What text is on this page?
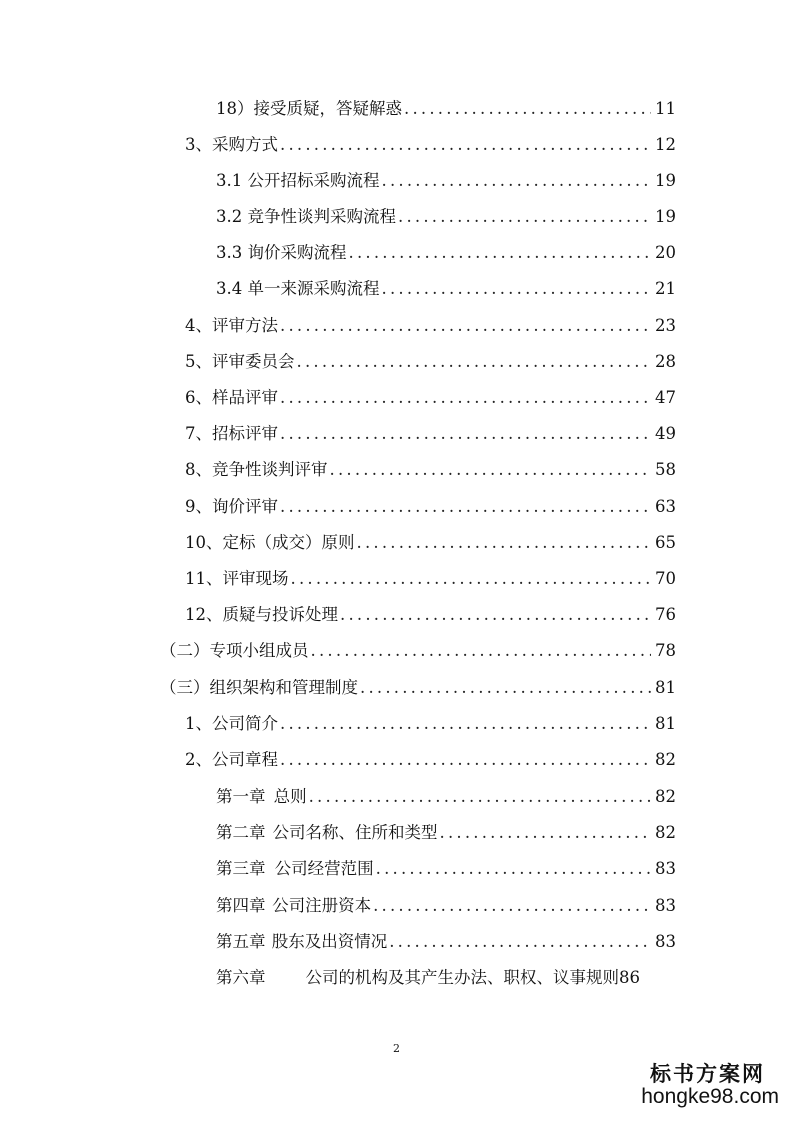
18）接受质疑，答疑解惑 .....	11
3、采购方式 .....	12
3.1 公开招标采购流程 .....	19
3.2 竞争性谈判采购流程 .....	19
3.3 询价采购流程 .....	20
3.4 单一来源采购流程 .....	21
4、评审方法 .....	23
5、评审委员会 .....	28
6、样品评审 .....	47
7、招标评审 .....	49
8、竞争性谈判评审 .....	58
9、询价评审 .....	63
10、定标（成交）原则 .....	65
11、评审现场 .....	70
12、质疑与投诉处理 .....	76
（二）专项小组成员 .....	78
（三）组织架构和管理制度 .....	81
1、公司简介 .....	81
2、公司章程 .....	82
第一章 总则 .....	82
第二章 公司名称、住所和类型 .....	82
第三章 公司经营范围 .....	83
第四章 公司注册资本 .....	83
第五章 股东及出资情况 .....	83
第六章 公司的机构及其产生办法、职权、议事规则 86
2
标书方案网
hongke98.com
